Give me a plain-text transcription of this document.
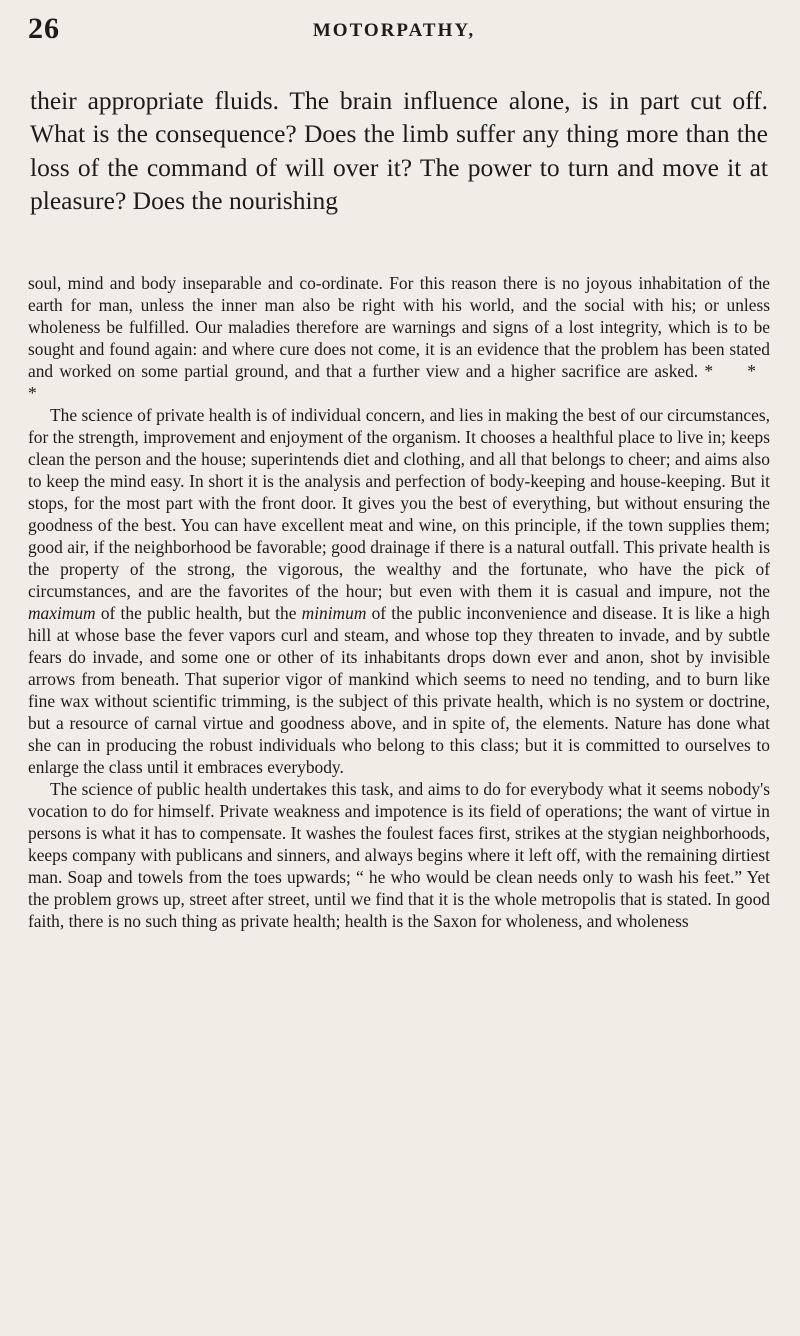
26	MOTORPATHY,

their appropriate fluids. The brain influence alone, is in part cut off. What is the consequence? Does the limb suffer any thing more than the loss of the command of will over it? The power to turn and move it at pleasure? Does the nourishing

soul, mind and body inseparable and co-ordinate. For this reason there is no joyous inhabitation of the earth for man, unless the inner man also be right with his world, and the social with his; or unless wholeness be fulfilled. Our maladies therefore are warnings and signs of a lost integrity, which is to be sought and found again: and where cure does not come, it is an evidence that the problem has been stated and worked on some partial ground, and that a further view and a higher sacrifice are asked. * * *

The science of private health is of individual concern, and lies in making the best of our circumstances, for the strength, improvement and enjoyment of the organism. It chooses a healthful place to live in; keeps clean the person and the house; superintends diet and clothing, and all that belongs to cheer; and aims also to keep the mind easy. In short it is the analysis and perfection of body-keeping and house-keeping. But it stops, for the most part with the front door. It gives you the best of everything, but without ensuring the goodness of the best. You can have excellent meat and wine, on this principle, if the town supplies them; good air, if the neighborhood be favorable; good drainage if there is a natural outfall. This private health is the property of the strong, the vigorous, the wealthy and the fortunate, who have the pick of circumstances, and are the favorites of the hour; but even with them it is casual and impure, not the maximum of the public health, but the minimum of the public inconvenience and disease. It is like a high hill at whose base the fever vapors curl and steam, and whose top they threaten to invade, and by subtle fears do invade, and some one or other of its inhabitants drops down ever and anon, shot by invisible arrows from beneath. That superior vigor of mankind which seems to need no tending, and to burn like fine wax without scientific trimming, is the subject of this private health, which is no system or doctrine, but a resource of carnal virtue and goodness above, and in spite of, the elements. Nature has done what she can in producing the robust individuals who belong to this class; but it is committed to ourselves to enlarge the class until it embraces everybody.

The science of public health undertakes this task, and aims to do for everybody what it seems nobody's vocation to do for himself. Private weakness and impotence is its field of operations; the want of virtue in persons is what it has to compensate. It washes the foulest faces first, strikes at the stygian neighborhoods, keeps company with publicans and sinners, and always begins where it left off, with the remaining dirtiest man. Soap and towels from the toes upwards; “ he who would be clean needs only to wash his feet.” Yet the problem grows up, street after street, until we find that it is the whole metropolis that is stated. In good faith, there is no such thing as private health; health is the Saxon for wholeness, and wholeness
